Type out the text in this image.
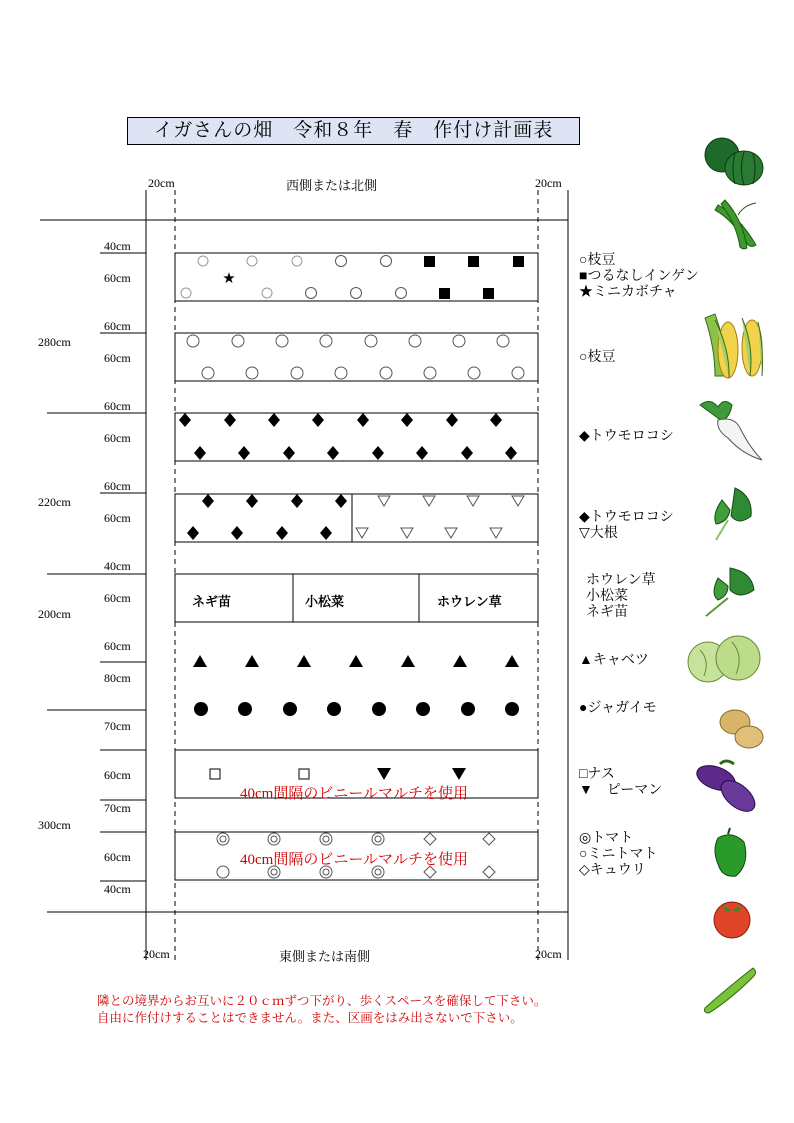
イガさんの畑　令和８年　春　作付け計画表
★
20cm	西側または北側	20cm
20cm	東側または南側	20cm
40cm
60cm
60cm
60cm
60cm
60cm
60cm
60cm
40cm
60cm
60cm
80cm
70cm
60cm
70cm
60cm
40cm
280cm
220cm
200cm
300cm
ネギ苗	小松菜	ホウレン草
40cm間隔のビニールマルチを使用
40cm間隔のビニールマルチを使用
○枝豆
■つるなしインゲン
★ミニカボチャ
○枝豆
◆トウモロコシ
◆トウモロコシ
▽大根
ホウレン草
小松菜
ネギ苗
▲キャベツ
●ジャガイモ
□ナス
▼　ピーマン
◎トマト
○ミニトマト
◇キュウリ
隣との境界からお互いに２０ｃｍずつ下がり、歩くスペースを確保して下さい。
自由に作付けすることはできません。また、区画をはみ出さないで下さい。
